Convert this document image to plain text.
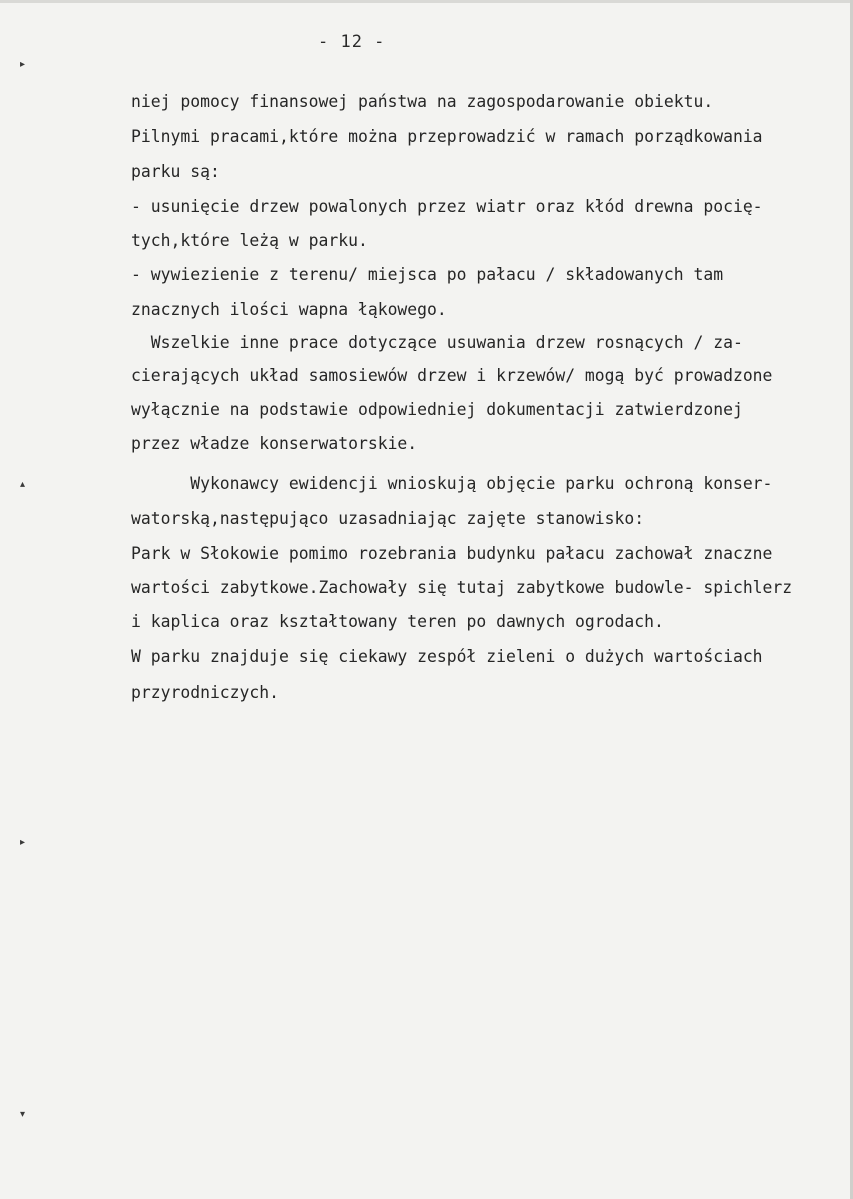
- 12 -
niej pomocy finansowej państwa na zagospodarowanie obiektu.
Pilnymi pracami,które można przeprowadzić w ramach porządkowania
parku są:
- usunięcie drzew powalonych przez wiatr oraz kłód drewna pocię-
tych,które leżą w parku.
- wywiezienie z terenu/ miejsca po pałacu / składowanych tam
znacznych ilości wapna łąkowego.
Wszelkie inne prace dotyczące usuwania drzew rosnących / za-
cierających układ samosiewów drzew i krzewów/ mogą być prowadzone
wyłącznie na podstawie odpowiedniej dokumentacji zatwierdzonej
przez władze konserwatorskie.
Wykonawcy ewidencji wnioskują objęcie parku ochroną konser-
watorską,następująco uzasadniając zajęte stanowisko:
Park w Słokowie pomimo rozebrania budynku pałacu zachował znaczne
wartości zabytkowe.Zachowały się tutaj zabytkowe budowle- spichlerz
i kaplica oraz kształtowany teren po dawnych ogrodach.
W parku znajduje się ciekawy zespół zieleni o dużych wartościach
przyrodniczych.
▸
▴
▸
▾
